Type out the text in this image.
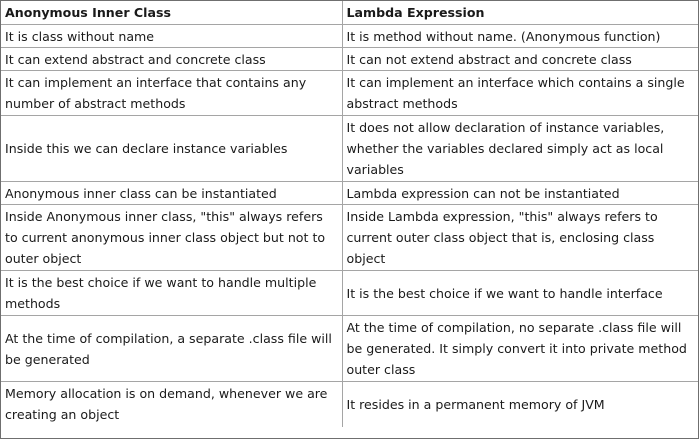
Anonymous Inner Class	Lambda Expression
It is class without name	It is method without name. (Anonymous function)
It can extend abstract and concrete class	It can not extend abstract and concrete class
It can implement an interface that contains any number of abstract methods	It can implement an interface which contains a single abstract methods
Inside this we can declare instance variables	It does not allow declaration of instance variables, whether the variables declared simply act as local variables
Anonymous inner class can be instantiated	Lambda expression can not be instantiated
Inside Anonymous inner class, "this" always refers to current anonymous inner class object but not to outer object	Inside Lambda expression, "this" always refers to current outer class object that is, enclosing class object
It is the best choice if we want to handle multiple methods	It is the best choice if we want to handle interface
At the time of compilation, a separate .class file will be generated	At the time of compilation, no separate .class file will be generated. It simply convert it into private method outer class
Memory allocation is on demand, whenever we are creating an object	It resides in a permanent memory of JVM
